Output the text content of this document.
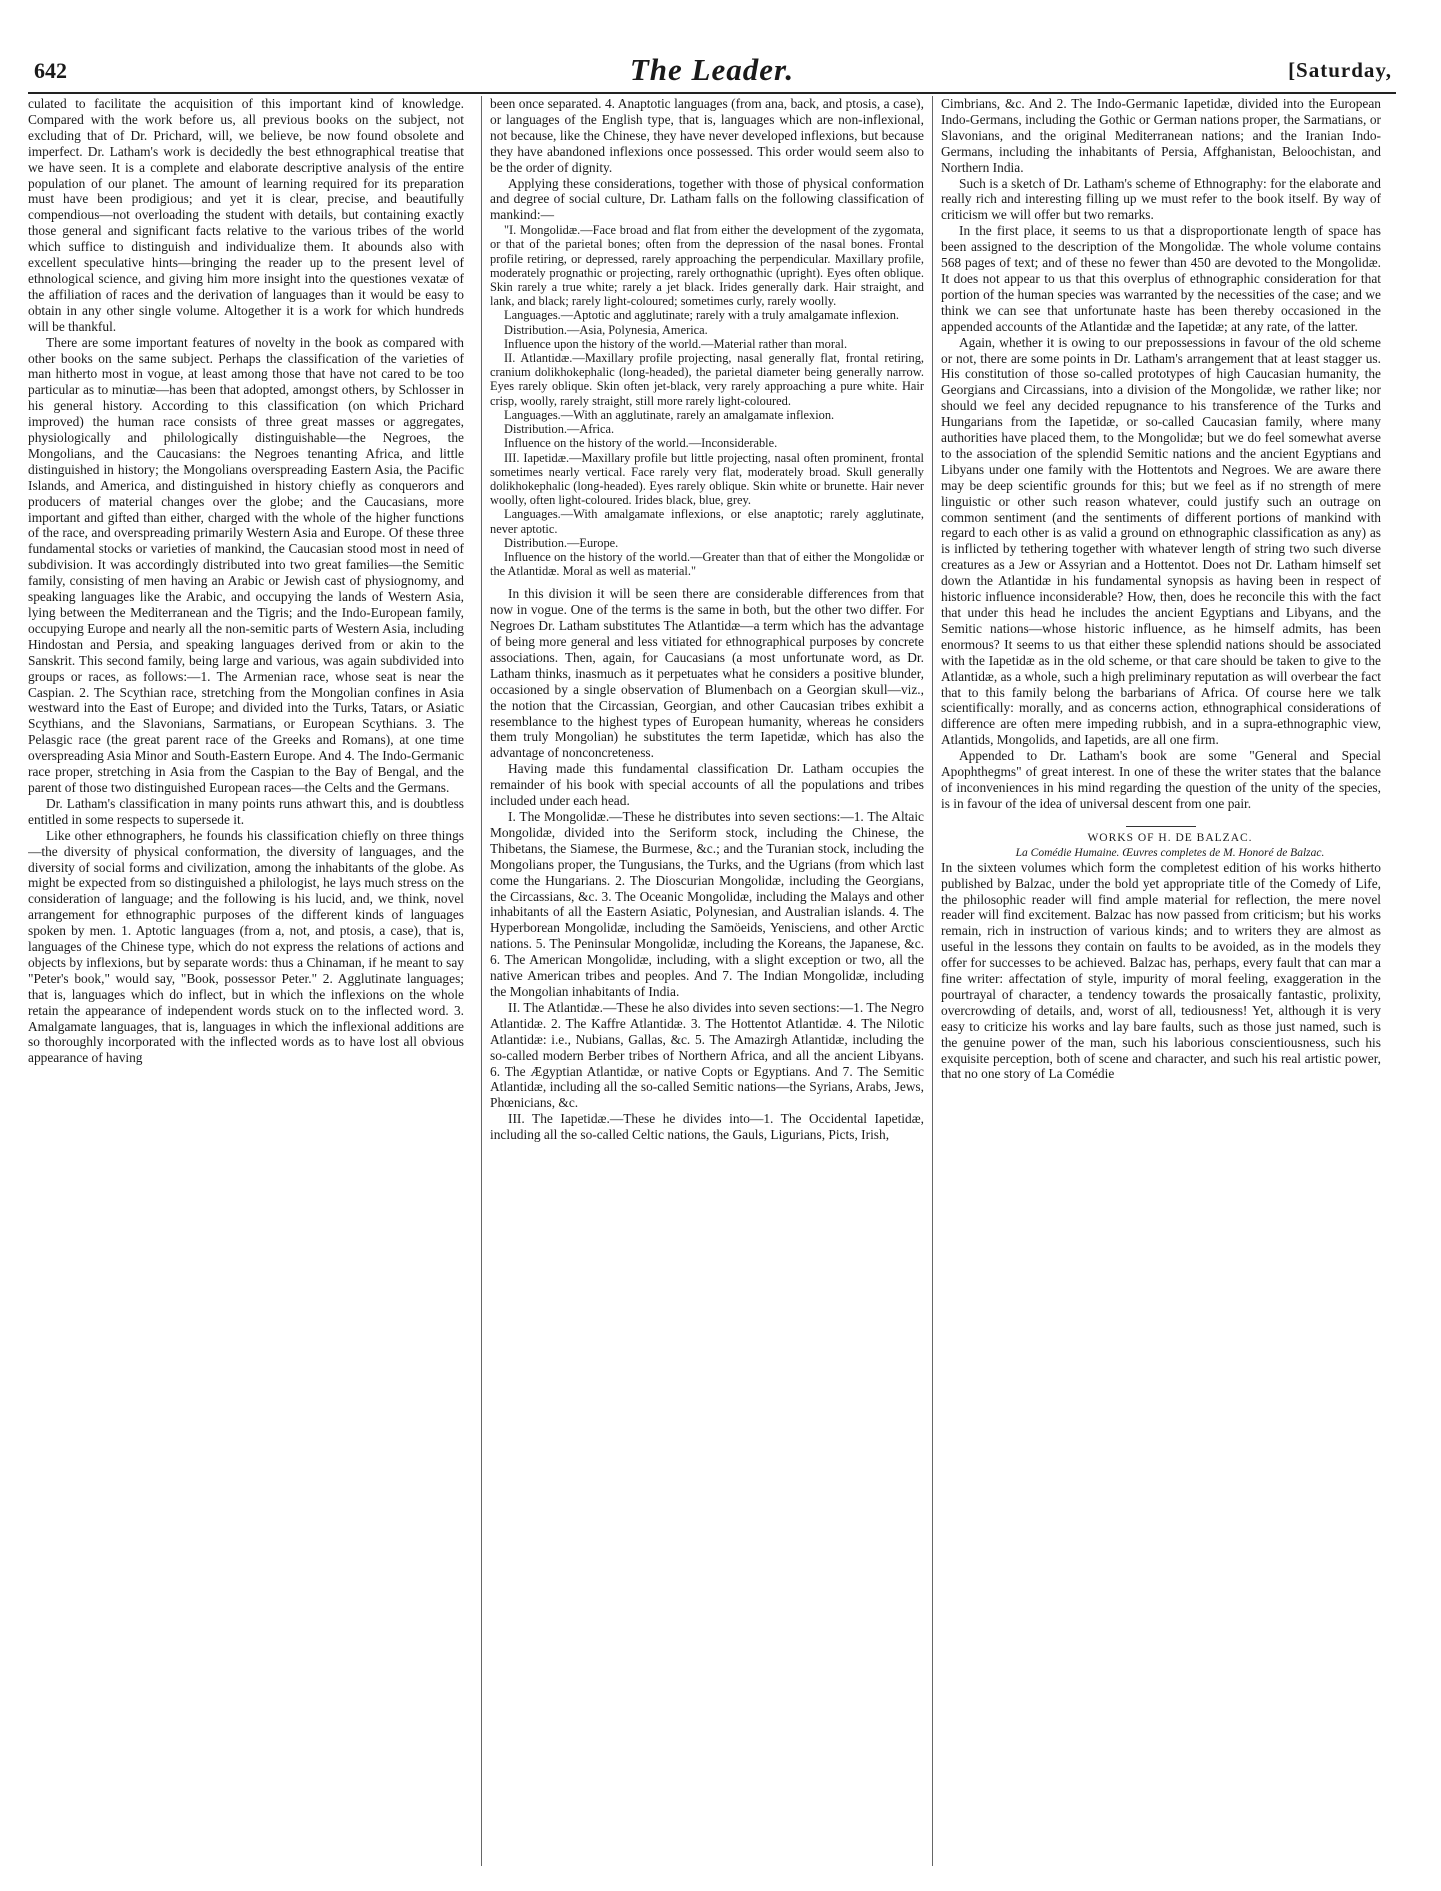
642	The Leader.	[Saturday,

culated to facilitate the acquisition of this important kind of knowledge. Compared with the work before us, all previous books on the subject, not excluding that of Dr. Prichard, will, we believe, be now found obsolete and imperfect. Dr. Latham's work is decidedly the best ethnographical treatise that we have seen. It is a complete and elaborate descriptive analysis of the entire population of our planet. The amount of learning required for its preparation must have been prodigious; and yet it is clear, precise, and beautifully compendious—not overloading the student with details, but containing exactly those general and significant facts relative to the various tribes of the world which suffice to distinguish and individualize them. It abounds also with excellent speculative hints—bringing the reader up to the present level of ethnological science, and giving him more insight into the questiones vexatæ of the affiliation of races and the derivation of languages than it would be easy to obtain in any other single volume. Altogether it is a work for which hundreds will be thankful.

There are some important features of novelty in the book as compared with other books on the same subject. Perhaps the classification of the varieties of man hitherto most in vogue, at least among those that have not cared to be too particular as to minutiæ—has been that adopted, amongst others, by Schlosser in his general history. According to this classification (on which Prichard improved) the human race consists of three great masses or aggregates, physiologically and philologically distinguishable—the Negroes, the Mongolians, and the Caucasians: the Negroes tenanting Africa, and little distinguished in history; the Mongolians overspreading Eastern Asia, the Pacific Islands, and America, and distinguished in history chiefly as conquerors and producers of material changes over the globe; and the Caucasians, more important and gifted than either, charged with the whole of the higher functions of the race, and overspreading primarily Western Asia and Europe. Of these three fundamental stocks or varieties of mankind, the Caucasian stood most in need of subdivision. It was accordingly distributed into two great families—the Semitic family, consisting of men having an Arabic or Jewish cast of physiognomy, and speaking languages like the Arabic, and occupying the lands of Western Asia, lying between the Mediterranean and the Tigris; and the Indo-European family, occupying Europe and nearly all the non-semitic parts of Western Asia, including Hindostan and Persia, and speaking languages derived from or akin to the Sanskrit. This second family, being large and various, was again subdivided into groups or races, as follows:—1. The Armenian race, whose seat is near the Caspian. 2. The Scythian race, stretching from the Mongolian confines in Asia westward into the East of Europe; and divided into the Turks, Tatars, or Asiatic Scythians, and the Slavonians, Sarmatians, or European Scythians. 3. The Pelasgic race (the great parent race of the Greeks and Romans), at one time overspreading Asia Minor and South-Eastern Europe. And 4. The Indo-Germanic race proper, stretching in Asia from the Caspian to the Bay of Bengal, and the parent of those two distinguished European races—the Celts and the Germans.

Dr. Latham's classification in many points runs athwart this, and is doubtless entitled in some respects to supersede it.

Like other ethnographers, he founds his classification chiefly on three things—the diversity of physical conformation, the diversity of languages, and the diversity of social forms and civilization, among the inhabitants of the globe. As might be expected from so distinguished a philologist, he lays much stress on the consideration of language; and the following is his lucid, and, we think, novel arrangement for ethnographic purposes of the different kinds of languages spoken by men. 1. Aptotic languages (from a, not, and ptosis, a case), that is, languages of the Chinese type, which do not express the relations of actions and objects by inflexions, but by separate words: thus a Chinaman, if he meant to say "Peter's book," would say, "Book, possessor Peter." 2. Agglutinate languages; that is, languages which do inflect, but in which the inflexions on the whole retain the appearance of independent words stuck on to the inflected word. 3. Amalgamate languages, that is, languages in which the inflexional additions are so thoroughly incorporated with the inflected words as to have lost all obvious appearance of having

been once separated. 4. Anaptotic languages (from ana, back, and ptosis, a case), or languages of the English type, that is, languages which are non-inflexional, not because, like the Chinese, they have never developed inflexions, but because they have abandoned inflexions once possessed. This order would seem also to be the order of dignity.

Applying these considerations, together with those of physical conformation and degree of social culture, Dr. Latham falls on the following classification of mankind:—

"I. Mongolidæ.—Face broad and flat from either the development of the zygomata, or that of the parietal bones; often from the depression of the nasal bones. Frontal profile retiring, or depressed, rarely approaching the perpendicular. Maxillary profile, moderately prognathic or projecting, rarely orthognathic (upright). Eyes often oblique. Skin rarely a true white; rarely a jet black. Irides generally dark. Hair straight, and lank, and black; rarely light-coloured; sometimes curly, rarely woolly.

Languages.—Aptotic and agglutinate; rarely with a truly amalgamate inflexion.

Distribution.—Asia, Polynesia, America.

Influence upon the history of the world.—Material rather than moral.

II. Atlantidæ.—Maxillary profile projecting, nasal generally flat, frontal retiring, cranium dolikhokephalic (long-headed), the parietal diameter being generally narrow. Eyes rarely oblique. Skin often jet-black, very rarely approaching a pure white. Hair crisp, woolly, rarely straight, still more rarely light-coloured.

Languages.—With an agglutinate, rarely an amalgamate inflexion.

Distribution.—Africa.

Influence on the history of the world.—Inconsiderable.

III. Iapetidæ.—Maxillary profile but little projecting, nasal often prominent, frontal sometimes nearly vertical. Face rarely very flat, moderately broad. Skull generally dolikhokephalic (long-headed). Eyes rarely oblique. Skin white or brunette. Hair never woolly, often light-coloured. Irides black, blue, grey.

Languages.—With amalgamate inflexions, or else anaptotic; rarely agglutinate, never aptotic.

Distribution.—Europe.

Influence on the history of the world.—Greater than that of either the Mongolidæ or the Atlantidæ. Moral as well as material."

In this division it will be seen there are considerable differences from that now in vogue. One of the terms is the same in both, but the other two differ. For Negroes Dr. Latham substitutes The Atlantidæ—a term which has the advantage of being more general and less vitiated for ethnographical purposes by concrete associations. Then, again, for Caucasians (a most unfortunate word, as Dr. Latham thinks, inasmuch as it perpetuates what he considers a positive blunder, occasioned by a single observation of Blumenbach on a Georgian skull—viz., the notion that the Circassian, Georgian, and other Caucasian tribes exhibit a resemblance to the highest types of European humanity, whereas he considers them truly Mongolian) he substitutes the term Iapetidæ, which has also the advantage of nonconcreteness.

Having made this fundamental classification Dr. Latham occupies the remainder of his book with special accounts of all the populations and tribes included under each head.

I. The Mongolidæ.—These he distributes into seven sections:—1. The Altaic Mongolidæ, divided into the Seriform stock, including the Chinese, the Thibetans, the Siamese, the Burmese, &c.; and the Turanian stock, including the Mongolians proper, the Tungusians, the Turks, and the Ugrians (from which last come the Hungarians. 2. The Dioscurian Mongolidæ, including the Georgians, the Circassians, &c. 3. The Oceanic Mongolidæ, including the Malays and other inhabitants of all the Eastern Asiatic, Polynesian, and Australian islands. 4. The Hyperborean Mongolidæ, including the Samöeids, Yenisciens, and other Arctic nations. 5. The Peninsular Mongolidæ, including the Koreans, the Japanese, &c. 6. The American Mongolidæ, including, with a slight exception or two, all the native American tribes and peoples. And 7. The Indian Mongolidæ, including the Mongolian inhabitants of India.

II. The Atlantidæ.—These he also divides into seven sections:—1. The Negro Atlantidæ. 2. The Kaffre Atlantidæ. 3. The Hottentot Atlantidæ. 4. The Nilotic Atlantidæ: i.e., Nubians, Gallas, &c. 5. The Amazirgh Atlantidæ, including the so-called modern Berber tribes of Northern Africa, and all the ancient Libyans. 6. The Ægyptian Atlantidæ, or native Copts or Egyptians. And 7. The Semitic Atlantidæ, including all the so-called Semitic nations—the Syrians, Arabs, Jews, Phœnicians, &c.

III. The Iapetidæ.—These he divides into—1. The Occidental Iapetidæ, including all the so-called Celtic nations, the Gauls, Ligurians, Picts, Irish,

Cimbrians, &c. And 2. The Indo-Germanic Iapetidæ, divided into the European Indo-Germans, including the Gothic or German nations proper, the Sarmatians, or Slavonians, and the original Mediterranean nations; and the Iranian Indo-Germans, including the inhabitants of Persia, Affghanistan, Beloochistan, and Northern India.

Such is a sketch of Dr. Latham's scheme of Ethnography: for the elaborate and really rich and interesting filling up we must refer to the book itself. By way of criticism we will offer but two remarks.

In the first place, it seems to us that a disproportionate length of space has been assigned to the description of the Mongolidæ. The whole volume contains 568 pages of text; and of these no fewer than 450 are devoted to the Mongolidæ. It does not appear to us that this overplus of ethnographic consideration for that portion of the human species was warranted by the necessities of the case; and we think we can see that unfortunate haste has been thereby occasioned in the appended accounts of the Atlantidæ and the Iapetidæ; at any rate, of the latter.

Again, whether it is owing to our prepossessions in favour of the old scheme or not, there are some points in Dr. Latham's arrangement that at least stagger us. His constitution of those so-called prototypes of high Caucasian humanity, the Georgians and Circassians, into a division of the Mongolidæ, we rather like; nor should we feel any decided repugnance to his transference of the Turks and Hungarians from the Iapetidæ, or so-called Caucasian family, where many authorities have placed them, to the Mongolidæ; but we do feel somewhat averse to the association of the splendid Semitic nations and the ancient Egyptians and Libyans under one family with the Hottentots and Negroes. We are aware there may be deep scientific grounds for this; but we feel as if no strength of mere linguistic or other such reason whatever, could justify such an outrage on common sentiment (and the sentiments of different portions of mankind with regard to each other is as valid a ground on ethnographic classification as any) as is inflicted by tethering together with whatever length of string two such diverse creatures as a Jew or Assyrian and a Hottentot. Does not Dr. Latham himself set down the Atlantidæ in his fundamental synopsis as having been in respect of historic influence inconsiderable? How, then, does he reconcile this with the fact that under this head he includes the ancient Egyptians and Libyans, and the Semitic nations—whose historic influence, as he himself admits, has been enormous? It seems to us that either these splendid nations should be associated with the Iapetidæ as in the old scheme, or that care should be taken to give to the Atlantidæ, as a whole, such a high preliminary reputation as will overbear the fact that to this family belong the barbarians of Africa. Of course here we talk scientifically: morally, and as concerns action, ethnographical considerations of difference are often mere impeding rubbish, and in a supra-ethnographic view, Atlantids, Mongolids, and Iapetids, are all one firm.

Appended to Dr. Latham's book are some "General and Special Apophthegms" of great interest. In one of these the writer states that the balance of inconveniences in his mind regarding the question of the unity of the species, is in favour of the idea of universal descent from one pair.

WORKS OF H. DE BALZAC.

La Comédie Humaine. Œuvres completes de M. Honoré de Balzac.

In the sixteen volumes which form the completest edition of his works hitherto published by Balzac, under the bold yet appropriate title of the Comedy of Life, the philosophic reader will find ample material for reflection, the mere novel reader will find excitement. Balzac has now passed from criticism; but his works remain, rich in instruction of various kinds; and to writers they are almost as useful in the lessons they contain on faults to be avoided, as in the models they offer for successes to be achieved. Balzac has, perhaps, every fault that can mar a fine writer: affectation of style, impurity of moral feeling, exaggeration in the pourtrayal of character, a tendency towards the prosaically fantastic, prolixity, overcrowding of details, and, worst of all, tediousness! Yet, although it is very easy to criticize his works and lay bare faults, such as those just named, such is the genuine power of the man, such his laborious conscientiousness, such his exquisite perception, both of scene and character, and such his real artistic power, that no one story of La Comédie
